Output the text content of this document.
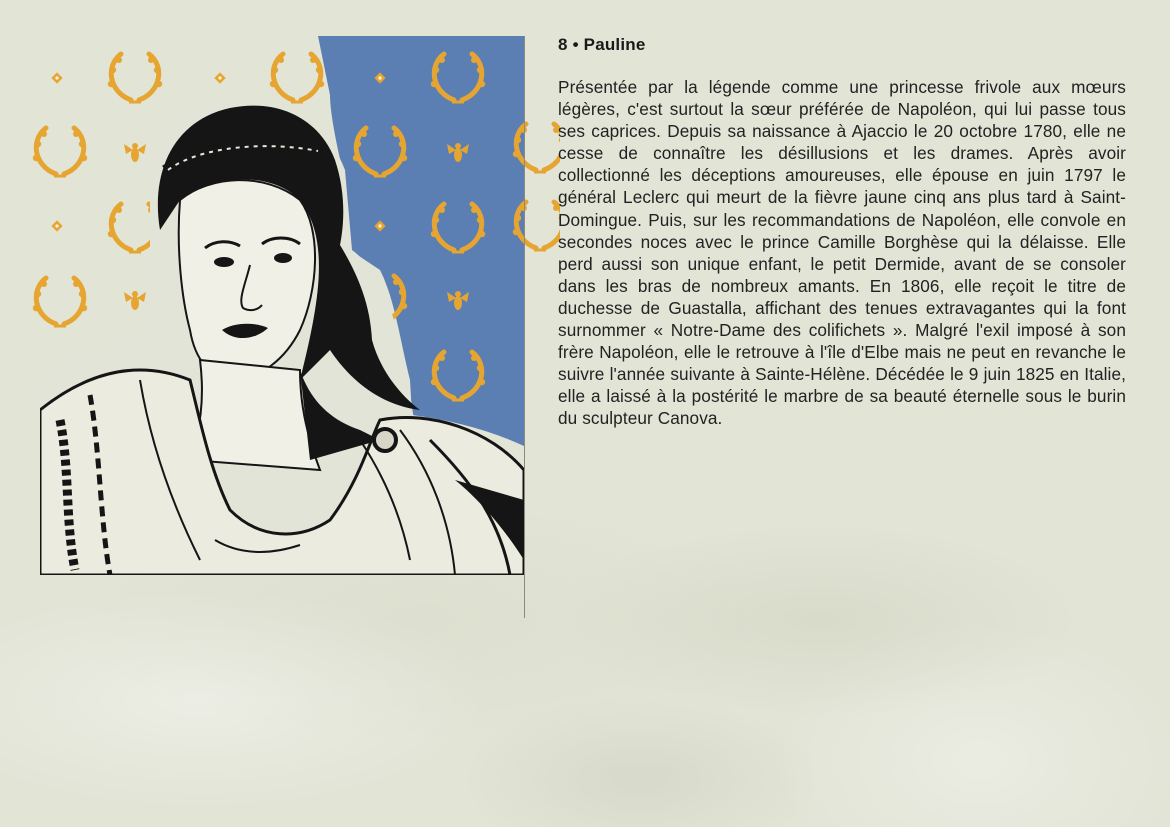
8 • Pauline

Présentée par la légende comme une princesse frivole aux mœurs légères, c'est surtout la sœur préférée de Napoléon, qui lui passe tous ses caprices. Depuis sa naissance à Ajaccio le 20 octobre 1780, elle ne cesse de connaître les désillusions et les drames. Après avoir collectionné les déceptions amoureuses, elle épouse en juin 1797 le général Leclerc qui meurt de la fièvre jaune cinq ans plus tard à Saint-Domingue. Puis, sur les recommandations de Napoléon, elle convole en secondes noces avec le prince Camille Borghèse qui la délaisse. Elle perd aussi son unique enfant, le petit Dermide, avant de se consoler dans les bras de nombreux amants. En 1806, elle reçoit le titre de duchesse de Guastalla, affichant des tenues extravagantes qui la font surnommer « Notre-Dame des colifichets ». Malgré l'exil imposé à son frère Napoléon, elle le retrouve à l'île d'Elbe mais ne peut en revanche le suivre l'année suivante à Sainte-Hélène. Décédée le 9 juin 1825 en Italie, elle a laissé à la postérité le marbre de sa beauté éternelle sous le burin du sculpteur Canova.
